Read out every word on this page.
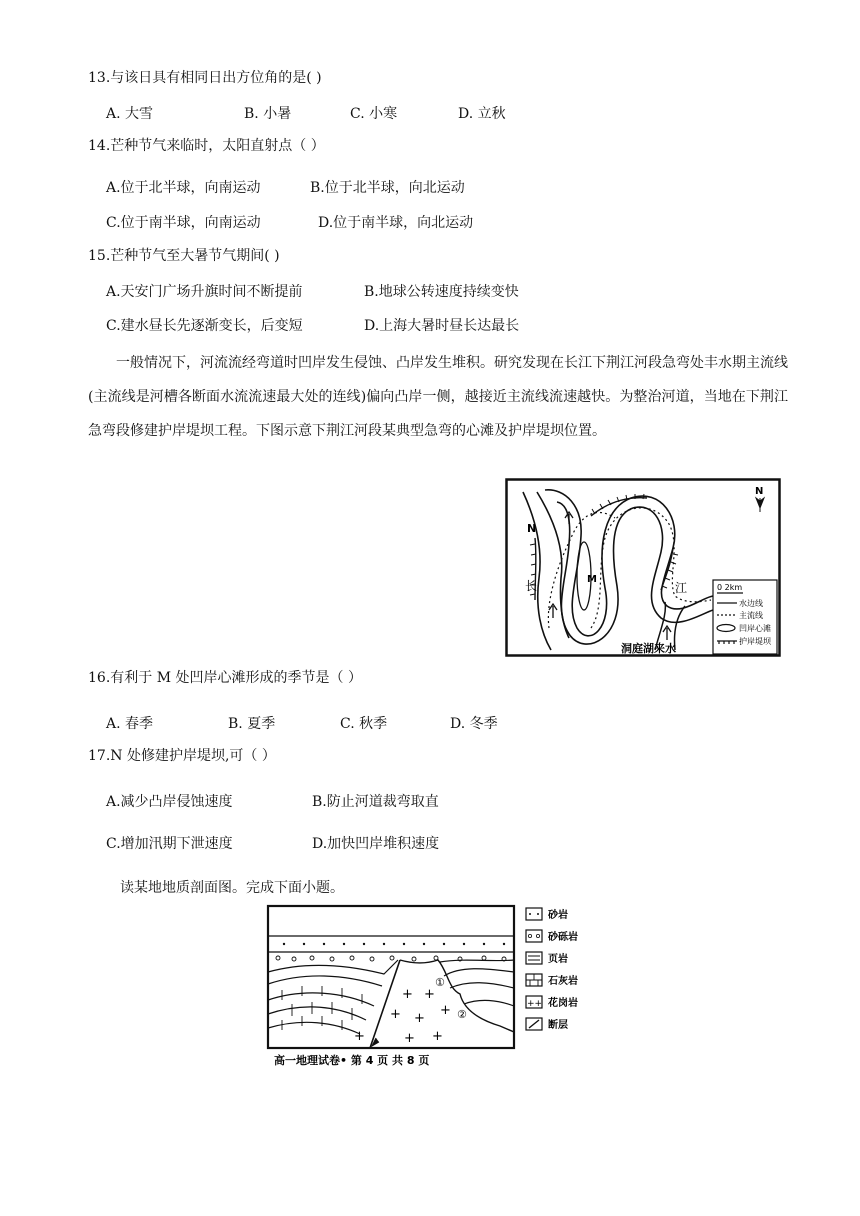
13.与该日具有相同日出方位角的是( )
A. 大雪	B. 小暑	C. 小寒	D. 立秋
14.芒种节气来临时，太阳直射点（ ）
A.位于北半球，向南运动	B.位于北半球，向北运动
C.位于南半球，向南运动	D.位于南半球，向北运动
15.芒种节气至大暑节气期间( )
A.天安门广场升旗时间不断提前	B.地球公转速度持续变快
C.建水昼长先逐渐变长，后变短	D.上海大暑时昼长达最长
一般情况下，河流流经弯道时凹岸发生侵蚀、凸岸发生堆积。研究发现在长江下荆江河段急弯处丰水期主流线(主流线是河槽各断面水流流速最大处的连线)偏向凸岸一侧，越接近主流线流速越快。为整治河道，当地在下荆江急弯段修建护岸堤坝工程。下图示意下荆江河段某典型急弯的心滩及护岸堤坝位置。
N
M
长	江
洞庭湖来水
N
0 2km
水边线
主流线
凹岸心滩
护岸堤坝
16.有利于 M 处凹岸心滩形成的季节是（ ）
A. 春季	B. 夏季	C. 秋季	D. 冬季
17.N 处修建护岸堤坝,可（ ）
A.减少凸岸侵蚀速度	B.防止河道裁弯取直
C.增加汛期下泄速度	D.加快凹岸堆积速度
读某地地质剖面图。完成下面小题。
+ +
+ +
+
+	+ +
①
②
砂岩
砂砾岩
页岩
石灰岩
++ 花岗岩
断层
高一地理试卷• 第 4 页 共 8 页
